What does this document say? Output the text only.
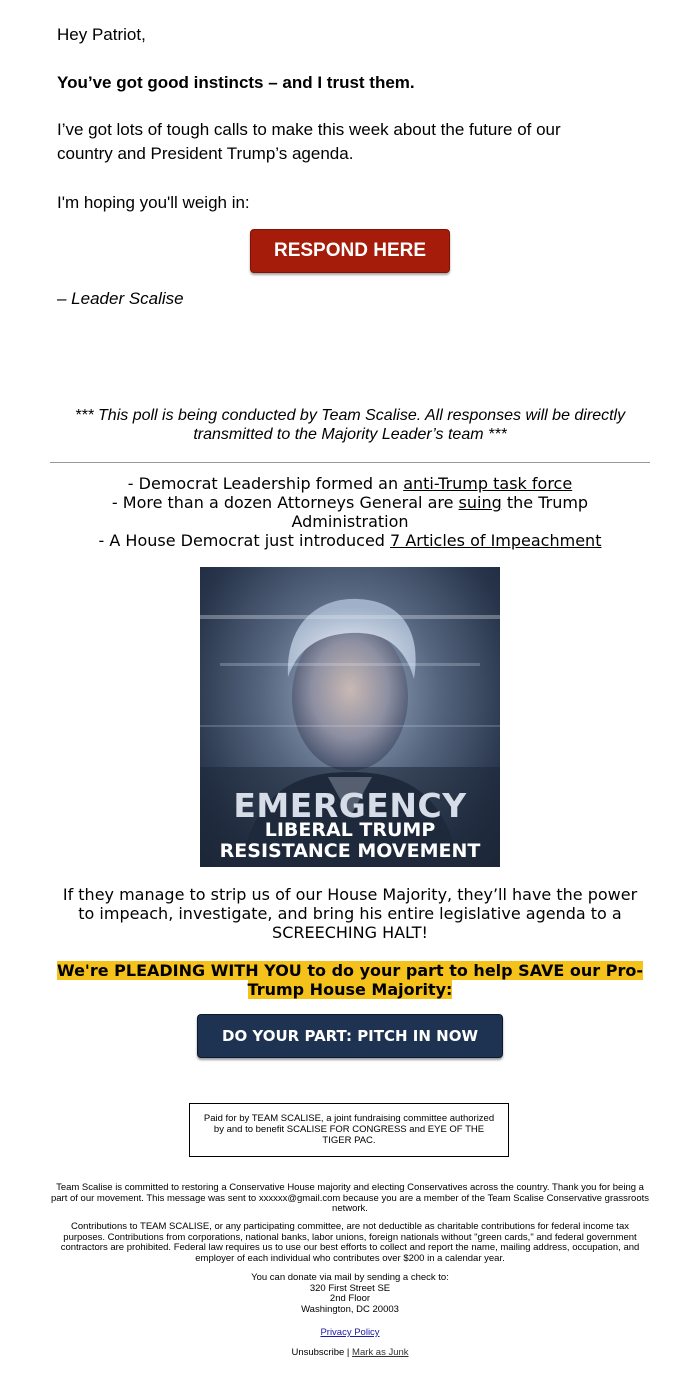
Hey Patriot,

You’ve got good instincts – and I trust them.

I’ve got lots of tough calls to make this week about the future of our country and President Trump’s agenda.

I'm hoping you'll weigh in:

RESPOND HERE
– Leader Scalise
*** This poll is being conducted by Team Scalise. All responses will be directly transmitted to the Majority Leader’s team ***
- Democrat Leadership formed an anti-Trump task force
- More than a dozen Attorneys General are suing the Trump Administration
- A House Democrat just introduced 7 Articles of Impeachment
EMERGENCY
LIBERAL TRUMP
RESISTANCE MOVEMENT
If they manage to strip us of our House Majority, they’ll have the power to impeach, investigate, and bring his entire legislative agenda to a SCREECHING HALT!
We're PLEADING WITH YOU to do your part to help SAVE our Pro-Trump House Majority:
DO YOUR PART: PITCH IN NOW
Paid for by TEAM SCALISE, a joint fundraising committee authorized by and to benefit SCALISE FOR CONGRESS and EYE OF THE TIGER PAC.
Team Scalise is committed to restoring a Conservative House majority and electing Conservatives across the country. Thank you for being a part of our movement. This message was sent to xxxxxx@gmail.com because you are a member of the Team Scalise Conservative grassroots network.
Contributions to TEAM SCALISE, or any participating committee, are not deductible as charitable contributions for federal income tax purposes. Contributions from corporations, national banks, labor unions, foreign nationals without "green cards," and federal government contractors are prohibited. Federal law requires us to use our best efforts to collect and report the name, mailing address, occupation, and employer of each individual who contributes over $200 in a calendar year.
You can donate via mail by sending a check to:
320 First Street SE
2nd Floor
Washington, DC 20003
Privacy Policy
Unsubscribe | Mark as Junk
